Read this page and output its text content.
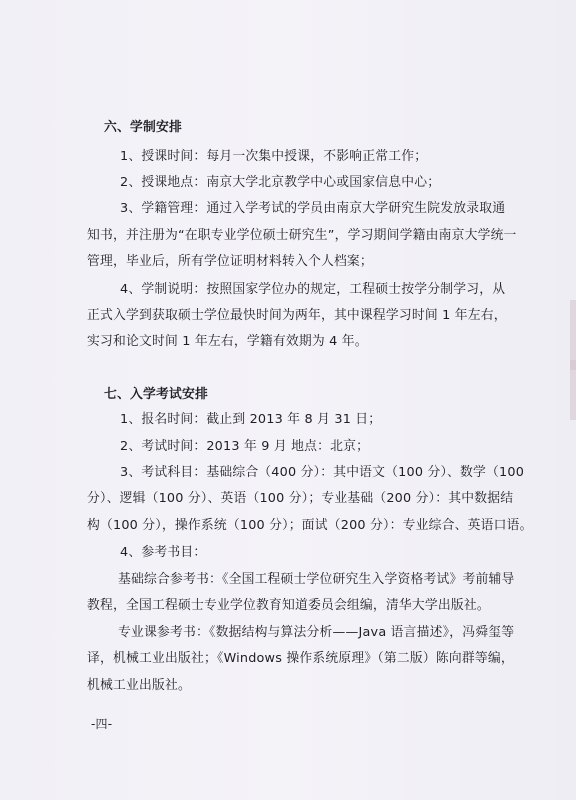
六、学制安排
1、授课时间：每月一次集中授课，不影响正常工作；
2、授课地点：南京大学北京教学中心或国家信息中心；
3、学籍管理：通过入学考试的学员由南京大学研究生院发放录取通
知书，并注册为“在职专业学位硕士研究生”，学习期间学籍由南京大学统一
管理，毕业后，所有学位证明材料转入个人档案；
4、学制说明：按照国家学位办的规定，工程硕士按学分制学习，从
正式入学到获取硕士学位最快时间为两年，其中课程学习时间 1 年左右，
实习和论文时间 1 年左右，学籍有效期为 4 年。
七、入学考试安排
1、报名时间：截止到 2013 年 8 月 31 日；
2、考试时间：2013 年 9 月 地点：北京；
3、考试科目：基础综合（400 分）：其中语文（100 分）、数学（100
分）、逻辑（100 分）、英语（100 分）；专业基础（200 分）：其中数据结
构（100 分），操作系统（100 分）；面试（200 分）：专业综合、英语口语。
4、参考书目：
基础综合参考书：《全国工程硕士学位研究生入学资格考试》考前辅导
教程，全国工程硕士专业学位教育知道委员会组编，清华大学出版社。
专业课参考书：《数据结构与算法分析——Java 语言描述》，冯舜玺等
译，机械工业出版社；《Windows 操作系统原理》（第二版）陈向群等编，
机械工业出版社。
-四-
